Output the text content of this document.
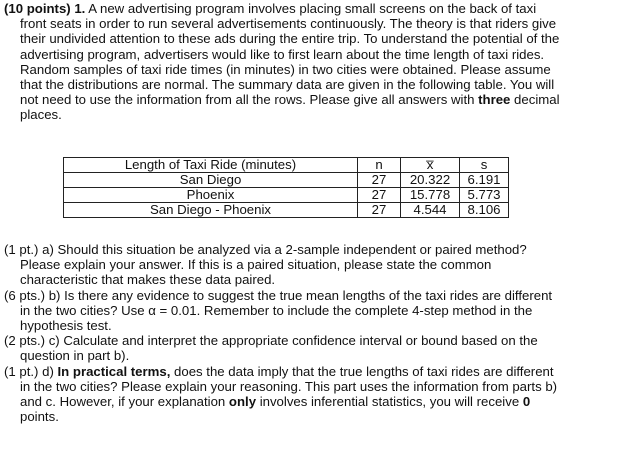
(10 points) 1. A new advertising program involves placing small screens on the back of taxi
front seats in order to run several advertisements continuously. The theory is that riders give
their undivided attention to these ads during the entire trip. To understand the potential of the
advertising program, advertisers would like to first learn about the time length of taxi rides.
Random samples of taxi ride times (in minutes) in two cities were obtained. Please assume
that the distributions are normal. The summary data are given in the following table. You will
not need to use the information from all the rows. Please give all answers with three decimal
places.
Length of Taxi Ride (minutes)	n	x̅	s
San Diego	27	20.322	6.191
Phoenix	27	15.778	5.773
San Diego - Phoenix	27	4.544	8.106
(1 pt.) a) Should this situation be analyzed via a 2-sample independent or paired method?
Please explain your answer. If this is a paired situation, please state the common
characteristic that makes these data paired.
(6 pts.) b) Is there any evidence to suggest the true mean lengths of the taxi rides are different
in the two cities? Use α = 0.01. Remember to include the complete 4-step method in the
hypothesis test.
(2 pts.) c) Calculate and interpret the appropriate confidence interval or bound based on the
question in part b).
(1 pt.) d) In practical terms, does the data imply that the true lengths of taxi rides are different
in the two cities? Please explain your reasoning. This part uses the information from parts b)
and c. However, if your explanation only involves inferential statistics, you will receive 0
points.
